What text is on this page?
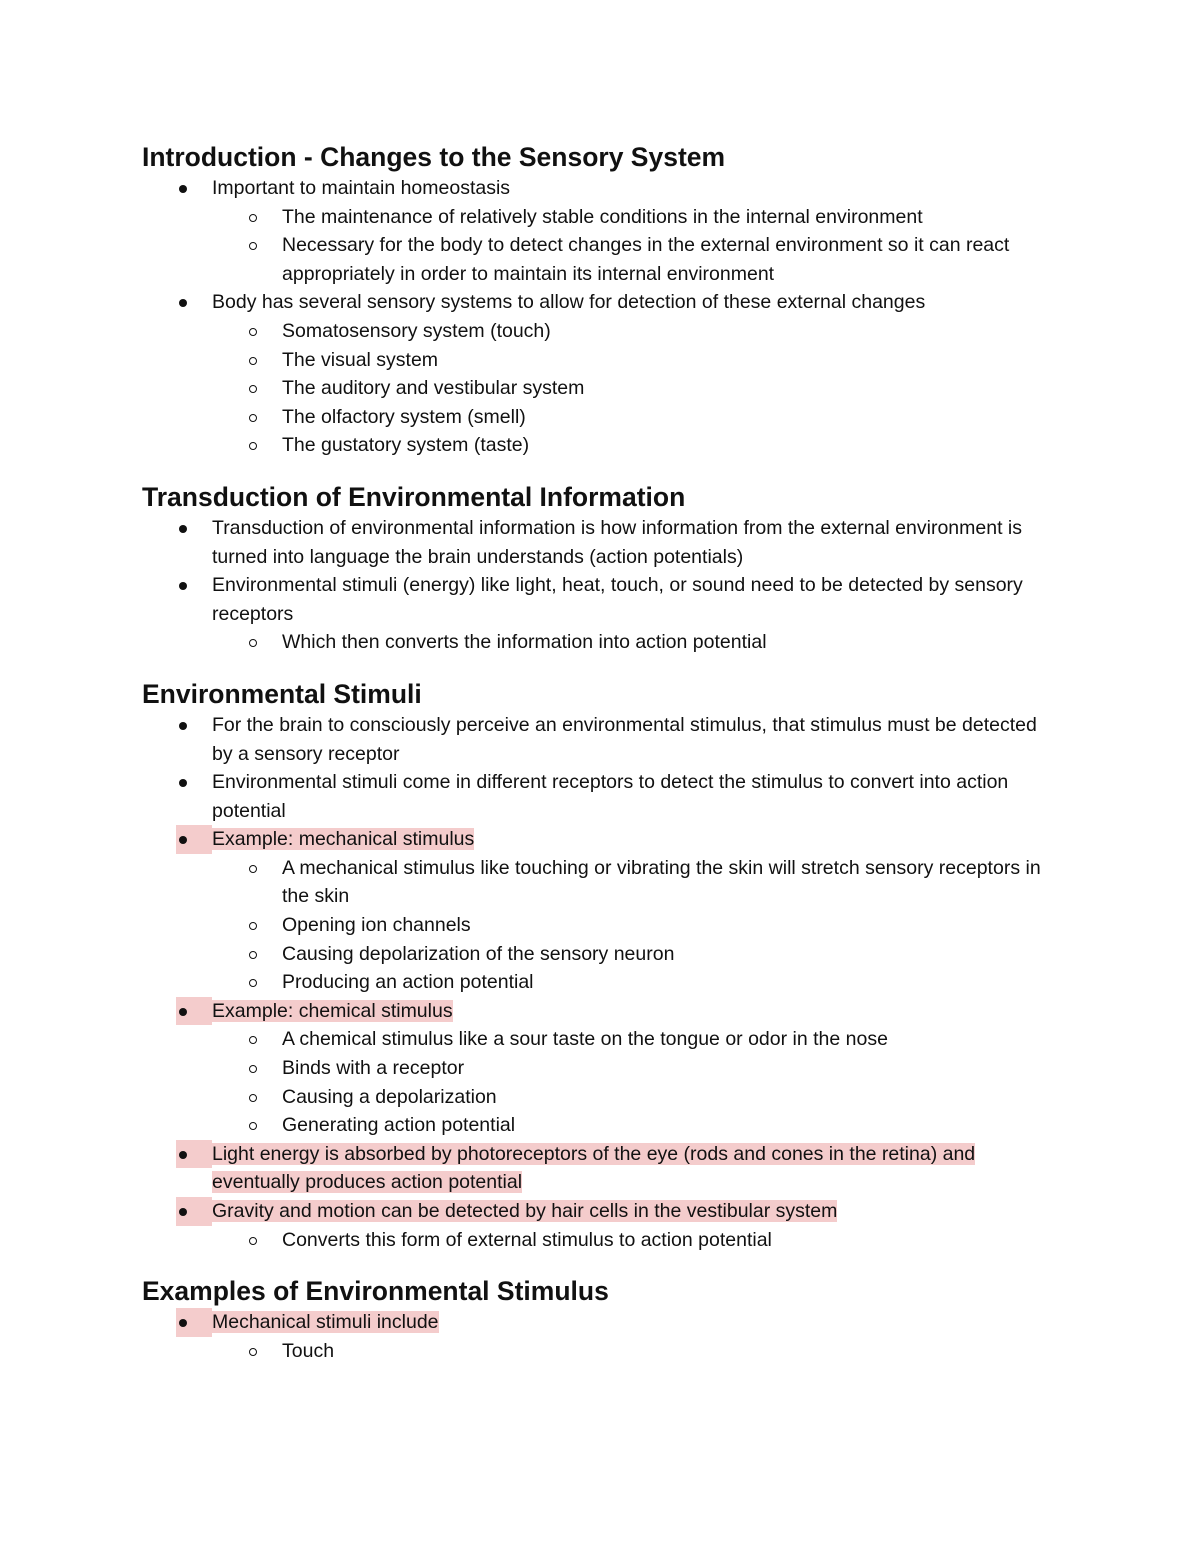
Introduction - Changes to the Sensory System
Important to maintain homeostasis
The maintenance of relatively stable conditions in the internal environment
Necessary for the body to detect changes in the external environment so it can react appropriately in order to maintain its internal environment
Body has several sensory systems to allow for detection of these external changes
Somatosensory system (touch)
The visual system
The auditory and vestibular system
The olfactory system (smell)
The gustatory system (taste)
Transduction of Environmental Information
Transduction of environmental information is how information from the external environment is turned into language the brain understands (action potentials)
Environmental stimuli (energy) like light, heat, touch, or sound need to be detected by sensory receptors
Which then converts the information into action potential
Environmental Stimuli
For the brain to consciously perceive an environmental stimulus, that stimulus must be detected by a sensory receptor
Environmental stimuli come in different receptors to detect the stimulus to convert into action potential
Example: mechanical stimulus
A mechanical stimulus like touching or vibrating the skin will stretch sensory receptors in the skin
Opening ion channels
Causing depolarization of the sensory neuron
Producing an action potential
Example: chemical stimulus
A chemical stimulus like a sour taste on the tongue or odor in the nose
Binds with a receptor
Causing a depolarization
Generating action potential
Light energy is absorbed by photoreceptors of the eye (rods and cones in the retina) and eventually produces action potential
Gravity and motion can be detected by hair cells in the vestibular system
Converts this form of external stimulus to action potential
Examples of Environmental Stimulus
Mechanical stimuli include
Touch
